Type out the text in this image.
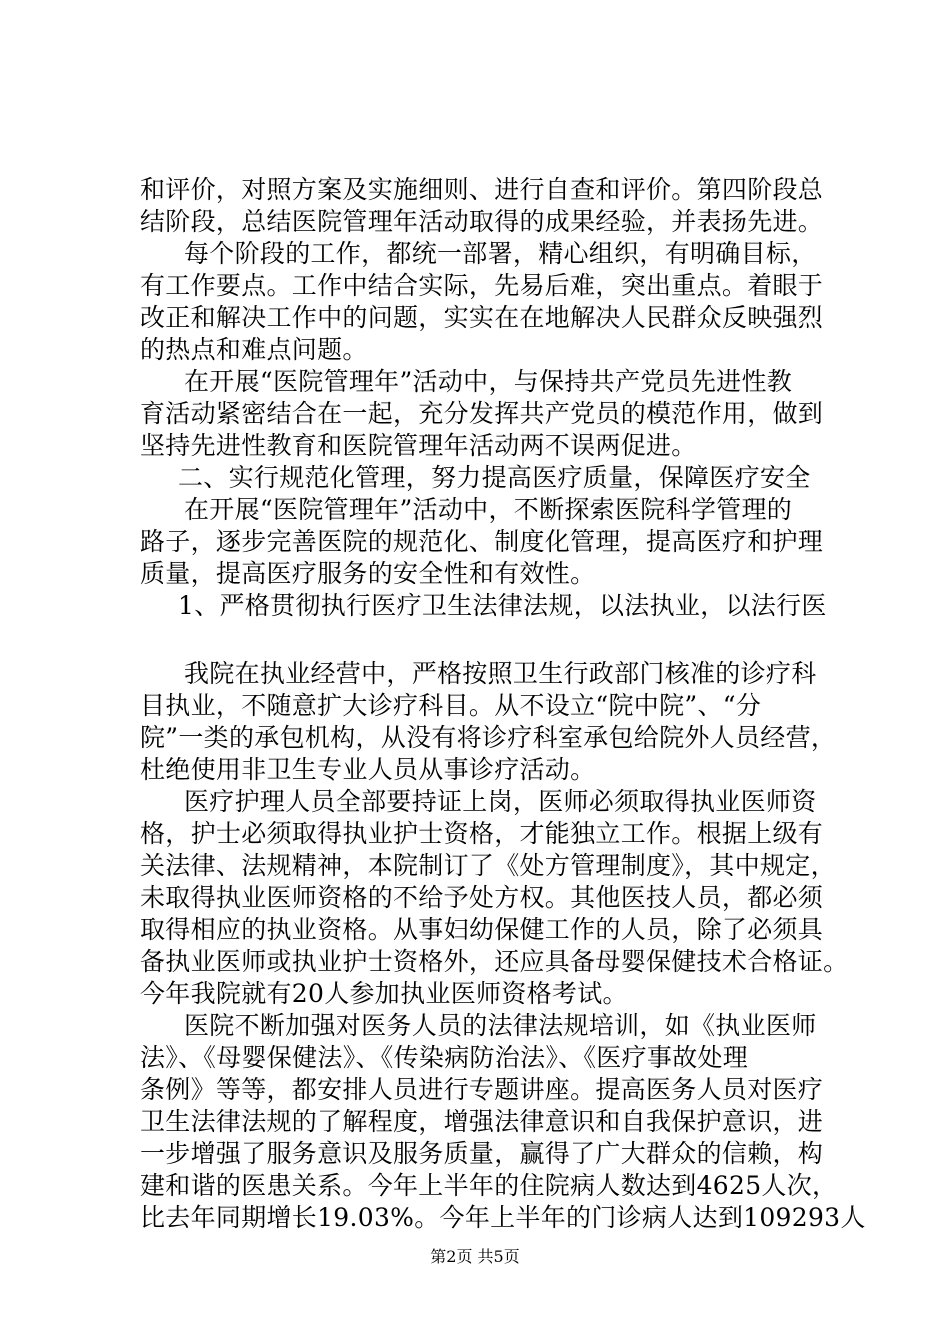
和评价，对照方案及实施细则、进行自查和评价。第四阶段总
结阶段，总结医院管理年活动取得的成果经验，并表扬先进。
每个阶段的工作，都统一部署，精心组织，有明确目标，
有工作要点。工作中结合实际，先易后难，突出重点。着眼于
改正和解决工作中的问题，实实在在地解决人民群众反映强烈
的热点和难点问题。
在开展“医院管理年”活动中，与保持共产党员先进性教
育活动紧密结合在一起，充分发挥共产党员的模范作用，做到
坚持先进性教育和医院管理年活动两不误两促进。
二、实行规范化管理，努力提高医疗质量，保障医疗安全
在开展“医院管理年”活动中，不断探索医院科学管理的
路子，逐步完善医院的规范化、制度化管理，提高医疗和护理
质量，提高医疗服务的安全性和有效性。
1、严格贯彻执行医疗卫生法律法规，以法执业，以法行医
我院在执业经营中，严格按照卫生行政部门核准的诊疗科
目执业，不随意扩大诊疗科目。从不设立“院中院”、“分
院”一类的承包机构，从没有将诊疗科室承包给院外人员经营，
杜绝使用非卫生专业人员从事诊疗活动。
医疗护理人员全部要持证上岗，医师必须取得执业医师资
格，护士必须取得执业护士资格，才能独立工作。根据上级有
关法律、法规精神，本院制订了《处方管理制度》，其中规定，
未取得执业医师资格的不给予处方权。其他医技人员，都必须
取得相应的执业资格。从事妇幼保健工作的人员，除了必须具
备执业医师或执业护士资格外，还应具备母婴保健技术合格证。
今年我院就有20人参加执业医师资格考试。
医院不断加强对医务人员的法律法规培训，如《执业医师
法》、《母婴保健法》、《传染病防治法》、《医疗事故处理
条例》等等，都安排人员进行专题讲座。提高医务人员对医疗
卫生法律法规的了解程度，增强法律意识和自我保护意识，进
一步增强了服务意识及服务质量，赢得了广大群众的信赖，构
建和谐的医患关系。今年上半年的住院病人数达到4625人次，
比去年同期增长19.03%。今年上半年的门诊病人达到109293人
第2页 共5页
